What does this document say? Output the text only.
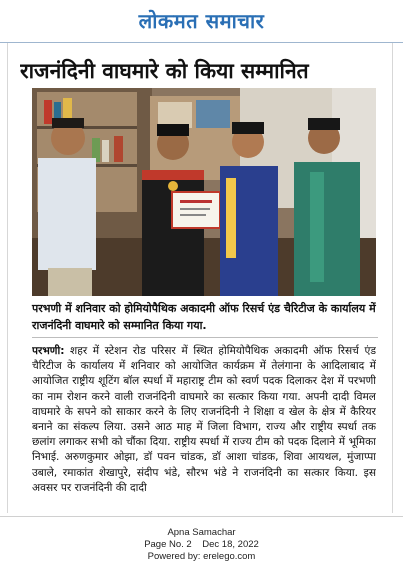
लोकमत समाचार
राजनंदिनी वाघमारे को किया सम्मानित

परभणी में शनिवार को होमियोपैथिक अकादमी ऑफ रिसर्च एंड चैरिटीज के कार्यालय में राजनंदिनी वाघमारे को सम्मानित किया गया.

परभणी: शहर में स्टेशन रोड परिसर में स्थित होमियोपैथिक अकादमी ऑफ रिसर्च एंड चैरिटीज के कार्यालय में शनिवार को आयोजित कार्यक्रम में तेलंगाना के आदिलाबाद में आयोजित राष्ट्रीय शूटिंग बॉल स्पर्धा में महाराष्ट्र टीम को स्वर्ण पदक दिलाकर देश में परभणी का नाम रोशन करने वाली राजनंदिनी वाघमारे का सत्कार किया गया. अपनी दादी विमल वाघमारे के सपने को साकार करने के लिए राजनंदिनी ने शिक्षा व खेल के क्षेत्र में कैरियर बनाने का संकल्प लिया. उसने आठ माह में जिला विभाग, राज्य और राष्ट्रीय स्पर्धा तक छलांग लगाकर सभी को चौंका दिया. राष्ट्रीय स्पर्धा में राज्य टीम को पदक दिलाने में भूमिका निभाई. अरुणकुमार ओझा, डॉ पवन चांडक, डॉ आशा चांडक, शिवा आयथल, मुंजाप्पा उबाले, रमाकांत शेखापुरे, संदीप भंडे, सौरभ भंडे ने राजनंदिनी का सत्कार किया. इस अवसर पर राजनंदिनी की दादी

Apna Samachar
Page No. 2    Dec 18, 2022
Powered by: erelego.com
